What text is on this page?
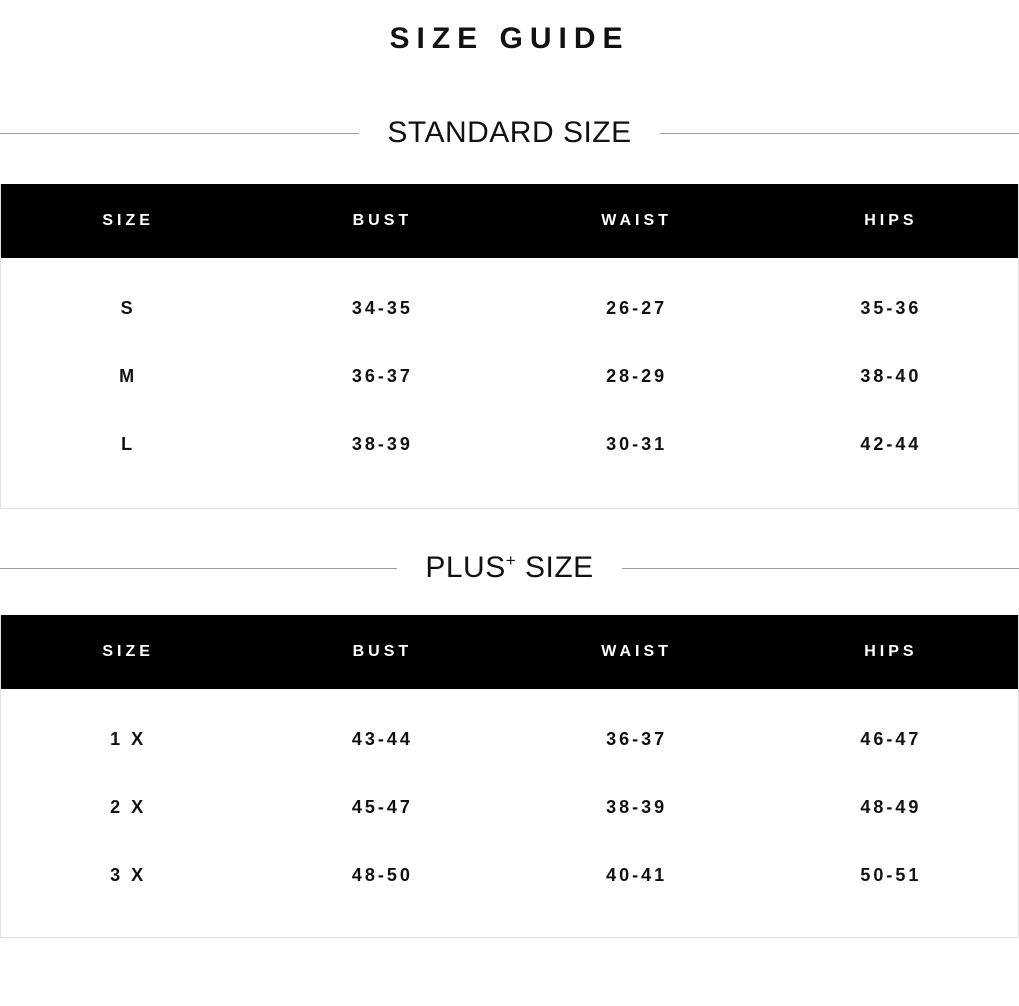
SIZE GUIDE
STANDARD SIZE
SIZE	BUST	WAIST	HIPS

S	34-35	26-27	35-36
M	36-37	28-29	38-40
L	38-39	30-31	42-44

PLUS+ SIZE
SIZE	BUST	WAIST	HIPS

1 X	43-44	36-37	46-47
2 X	45-47	38-39	48-49
3 X	48-50	40-41	50-51
